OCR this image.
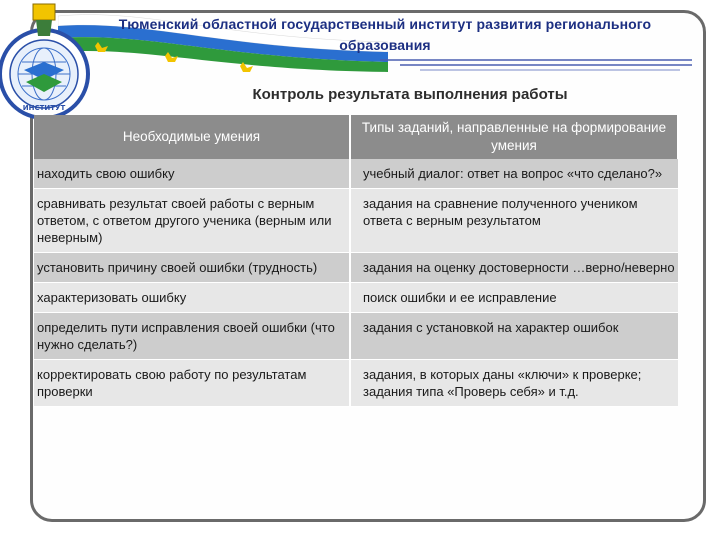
ИНСТИТУТ
Тюменский областной государственный институт развития регионального
образования
Контроль результата выполнения работы
Необходимые умения	Типы заданий, направленные на формирование умения
находить свою ошибку	учебный диалог: ответ на вопрос «что сделано?»
сравнивать результат своей работы с верным ответом, с ответом другого ученика (верным или неверным)	задания на сравнение полученного учеником ответа с верным результатом
установить причину своей ошибки (трудность)	задания на оценку достоверности …верно/неверно
характеризовать ошибку	поиск ошибки и ее исправление
определить пути исправления своей ошибки (что нужно сделать?)	задания с установкой на характер ошибок
корректировать свою работу по результатам проверки	задания, в которых даны «ключи» к проверке; задания типа «Проверь себя» и т.д.
